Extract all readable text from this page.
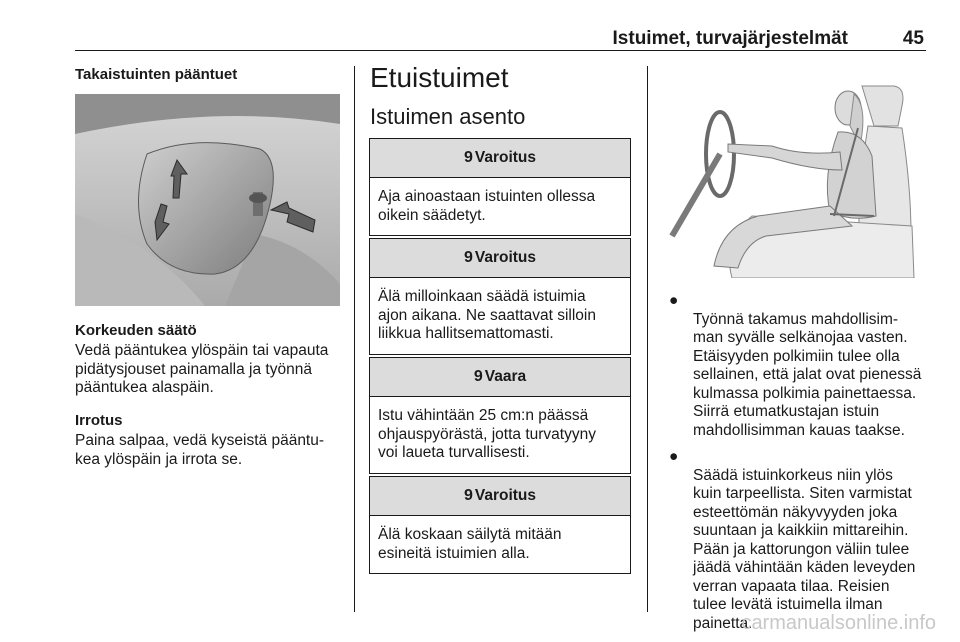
Istuimet, turvajärjestelmät	45
Takaistuinten pääntuet
Korkeuden säätö
Vedä pääntukea ylöspäin tai vapauta
pidätysjouset painamalla ja työnnä
pääntukea alaspäin.
Irrotus
Paina salpaa, vedä kyseistä pääntu‐
kea ylöspäin ja irrota se.
Etuistuimet
Istuimen asento
9 Varoitus
Aja ainoastaan istuinten ollessa
oikein säädetyt.
9 Varoitus
Älä milloinkaan säädä istuimia
ajon aikana. Ne saattavat silloin
liikkua hallitsemattomasti.
9 Vaara
Istu vähintään 25 cm:n päässä
ohjauspyörästä, jotta turvatyyny
voi laueta turvallisesti.
9 Varoitus
Älä koskaan säilytä mitään
esineitä istuimien alla.

●
Työnnä takamus mahdollisim‐
man syvälle selkänojaa vasten.
Etäisyyden polkimiin tulee olla
sellainen, että jalat ovat pienessä
kulmassa polkimia painettaessa.
Siirrä etumatkustajan istuin
mahdollisimman kauas taakse.

●
Säädä istuinkorkeus niin ylös
kuin tarpeellista. Siten varmistat
esteettömän näkyvyyden joka
suuntaan ja kaikkiin mittareihin.
Pään ja kattorungon väliin tulee
jäädä vähintään käden leveyden
verran vapaata tilaa. Reisien
tulee levätä istuimella ilman
painetta.

carmanualsonline.info
